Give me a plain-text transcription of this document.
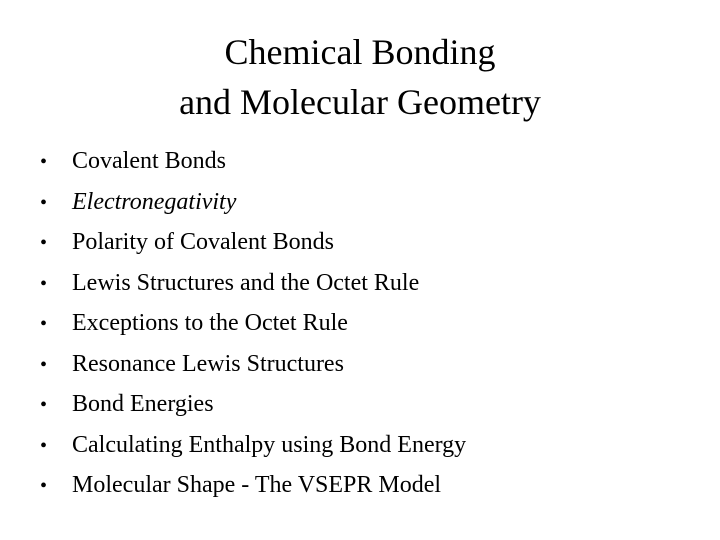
Chemical Bonding
and Molecular Geometry
•	Covalent Bonds
•	Electronegativity
•	Polarity of Covalent Bonds
•	Lewis Structures and the Octet Rule
•	Exceptions to the Octet Rule
•	Resonance Lewis Structures
•	Bond Energies
•	Calculating Enthalpy using Bond Energy
•	Molecular Shape - The VSEPR Model
